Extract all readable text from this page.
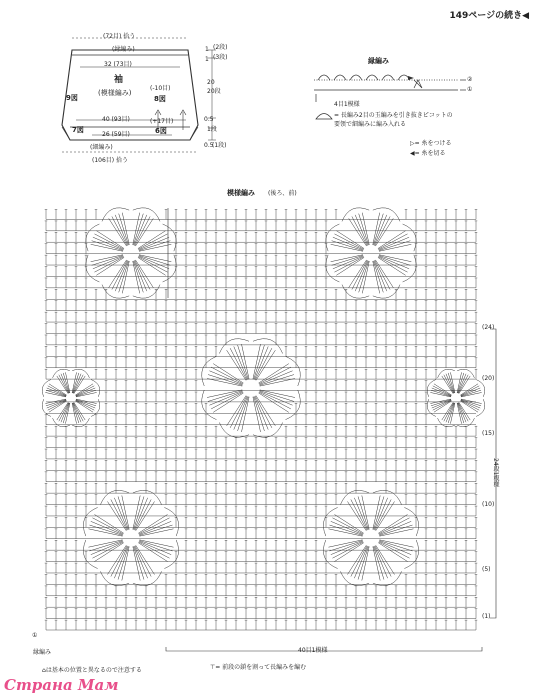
149ページの続き◀
(72目) 拾う
(縁編み)
32 (73目)
袖
(模様編み)
(-10目)
9図	8図
40 (93目)	(+17目)
7図	6図
26 (59目)
(細編み)
(106目) 拾う
1 (2段)
1 (3段)
20
20段
0.5
1段
0.5
(1段)
縁編み
②
①
4目1模様
= 長編み2目の玉編みを引き抜きピコットの
要領で細編みに編み入れる
▷= 糸をつける
◀= 糸を切る
模様編み (後ろ、前)
(24)
(20)
(15)
(10)
(5)
(1)
24段1模様
40目1模様
①
縁編み
⌂は基本の位置と異なるので注意する	⊤= 前段の鎖を割って長編みを編む
Страна Мам
